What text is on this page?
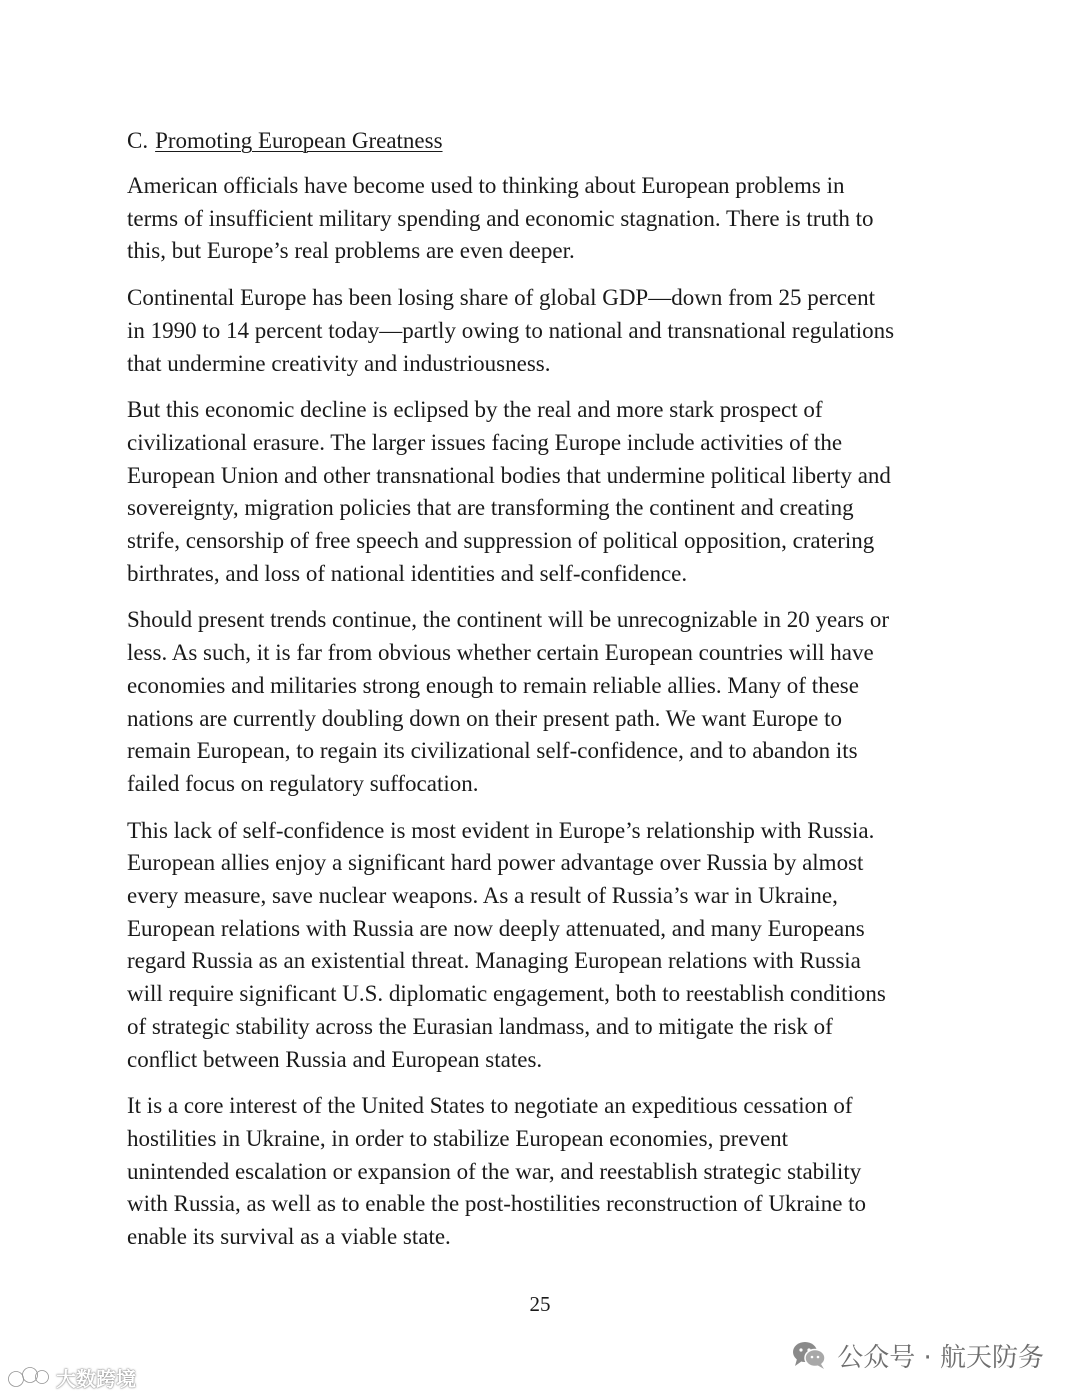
C. Promoting European Greatness

American officials have become used to thinking about European problems in
terms of insufficient military spending and economic stagnation. There is truth to
this, but Europe’s real problems are even deeper.

Continental Europe has been losing share of global GDP—down from 25 percent
in 1990 to 14 percent today—partly owing to national and transnational regulations
that undermine creativity and industriousness.

But this economic decline is eclipsed by the real and more stark prospect of
civilizational erasure. The larger issues facing Europe include activities of the
European Union and other transnational bodies that undermine political liberty and
sovereignty, migration policies that are transforming the continent and creating
strife, censorship of free speech and suppression of political opposition, cratering
birthrates, and loss of national identities and self-confidence.

Should present trends continue, the continent will be unrecognizable in 20 years or
less. As such, it is far from obvious whether certain European countries will have
economies and militaries strong enough to remain reliable allies. Many of these
nations are currently doubling down on their present path. We want Europe to
remain European, to regain its civilizational self-confidence, and to abandon its
failed focus on regulatory suffocation.

This lack of self-confidence is most evident in Europe’s relationship with Russia.
European allies enjoy a significant hard power advantage over Russia by almost
every measure, save nuclear weapons. As a result of Russia’s war in Ukraine,
European relations with Russia are now deeply attenuated, and many Europeans
regard Russia as an existential threat. Managing European relations with Russia
will require significant U.S. diplomatic engagement, both to reestablish conditions
of strategic stability across the Eurasian landmass, and to mitigate the risk of
conflict between Russia and European states.

It is a core interest of the United States to negotiate an expeditious cessation of
hostilities in Ukraine, in order to stabilize European economies, prevent
unintended escalation or expansion of the war, and reestablish strategic stability
with Russia, as well as to enable the post-hostilities reconstruction of Ukraine to
enable its survival as a viable state.

25
大数跨境
公众号 · 航天防务
